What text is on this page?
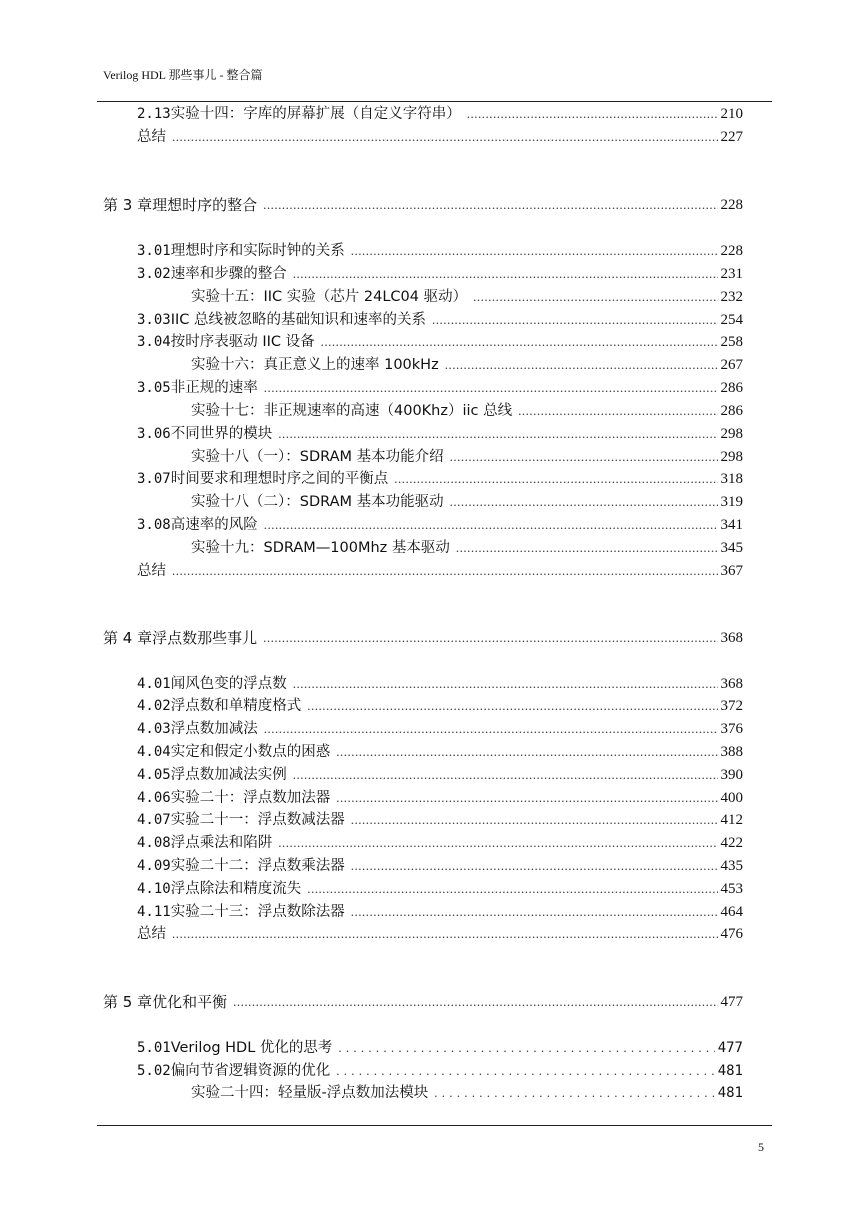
Verilog HDL 那些事儿 - 整合篇
2.13 实验十四：字库的屏幕扩展（自定义字符串） .....	210
总结 .....	227
第 3 章 理想时序的整合 .....	228
3.01 理想时序和实际时钟的关系 .....	228
3.02 速率和步骤的整合 .....	231
实验十五：IIC 实验（芯片 24LC04 驱动） .....	232
3.03 IIC 总线被忽略的基础知识和速率的关系 .....	254
3.04 按时序表驱动 IIC 设备 .....	258
实验十六：真正意义上的速率 100kHz .....	267
3.05 非正规的速率 .....	286
实验十七：非正规速率的高速（400Khz）iic 总线 .....	286
3.06 不同世界的模块 .....	298
实验十八（一）：SDRAM 基本功能介绍 .....	298
3.07 时间要求和理想时序之间的平衡点 .....	318
实验十八（二）：SDRAM 基本功能驱动 .....	319
3.08 高速率的风险 .....	341
实验十九：SDRAM—100Mhz 基本驱动 .....	345
总结 .....	367
第 4 章 浮点数那些事儿 .....	368
4.01 闻风色变的浮点数 .....	368
4.02 浮点数和单精度格式 .....	372
4.03 浮点数加减法 .....	376
4.04 实定和假定小数点的困惑 .....	388
4.05 浮点数加减法实例 .....	390
4.06 实验二十：浮点数加法器 .....	400
4.07 实验二十一：浮点数减法器 .....	412
4.08 浮点乘法和陷阱 .....	422
4.09 实验二十二：浮点数乘法器 .....	435
4.10 浮点除法和精度流失 .....	453
4.11 实验二十三：浮点数除法器 .....	464
总结 .....	476
第 5 章 优化和平衡 .....	477
5.01 Verilog HDL 优化的思考 . . .	477
5.02 偏向节省逻辑资源的优化 . . .	481
实验二十四：轻量版-浮点数加法模块 . . .	481
5
